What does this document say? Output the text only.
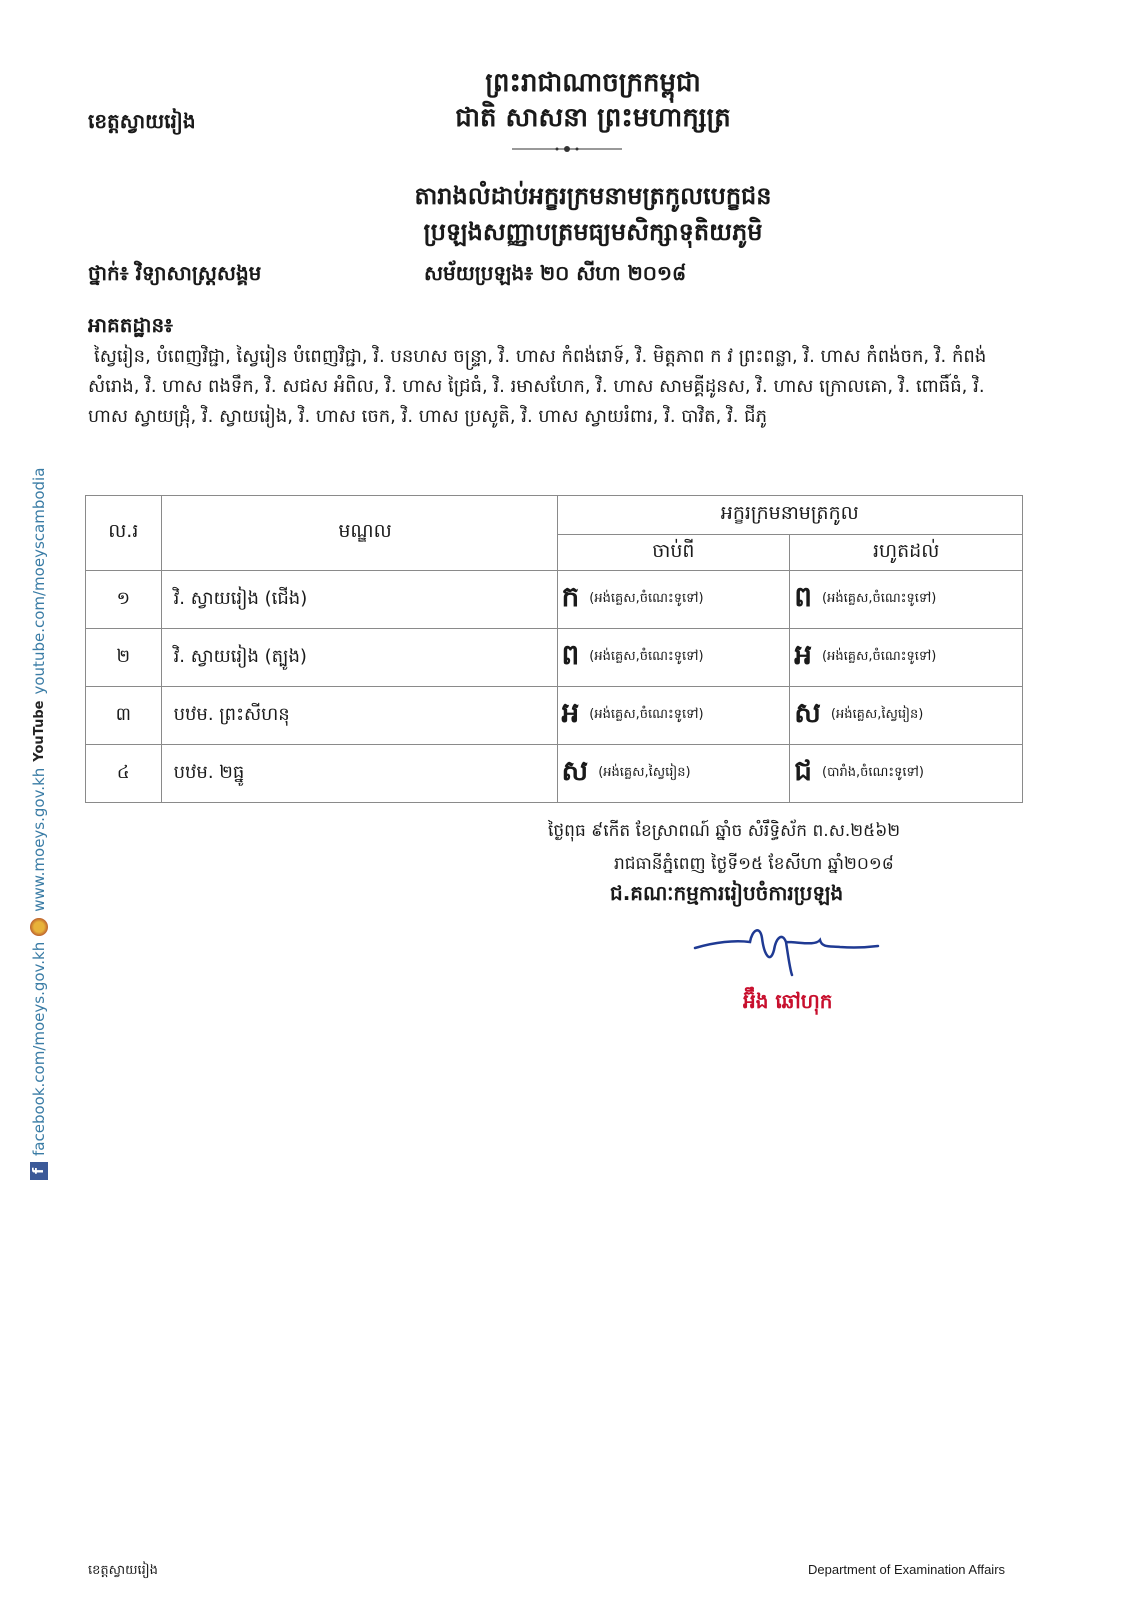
ព្រះរាជាណាចក្រកម្ពុជា
ជាតិ សាសនា ព្រះមហាក្សត្រ
ខេត្តស្វាយរៀង
តារាងលំដាប់អក្ខរក្រមនាមត្រកូលបេក្ខជន
ប្រឡងសញ្ញាបត្រមធ្យមសិក្សាទុតិយភូមិ
ថ្នាក់៖ វិទ្យាសាស្ត្រសង្គម	សម័យប្រឡង៖ ២០ សីហា ២០១៨
អាគតដ្ឋាន៖
ស្វៃរៀន, បំពេញវិជ្ជា, ស្វៃរៀន បំពេញវិជ្ជា, វិ. បនហស ចន្ទ្រា, វិ. ហាស កំពង់រោទ៍, វិ. មិត្តភាព ក វ ព្រះពន្លា, វិ. ហាស កំពង់ចក, វិ. កំពង់សំរោង, វិ. ហាស ពងទឹក, វិ. សជស អំពិល, វិ. ហាស ជ្រៃធំ, វិ. រមាសហែក, វិ. ហាស សាមគ្គីដូនស, វិ. ហាស ក្រោលគោ, វិ. ពោធិ៍ធំ, វិ. ហាស ស្វាយជ្រុំ, វិ. ស្វាយរៀង, វិ. ហាស ចេក, វិ. ហាស ប្រសូតិ, វិ. ហាស ស្វាយរំពារ, វិ. បាវិត, វិ. ជីភូ
ល.រ	មណ្ឌល	អក្ខរក្រមនាមត្រកូល	
		ចាប់ពី	រហូតដល់
១	វិ. ស្វាយរៀង (ជើង)	ក (អង់គ្លេស,ចំណេះទូទៅ)	ព (អង់គ្លេស,ចំណេះទូទៅ)
២	វិ. ស្វាយរៀង (ត្បូង)	ព (អង់គ្លេស,ចំណេះទូទៅ)	អ (អង់គ្លេស,ចំណេះទូទៅ)
៣	បឋម. ព្រះសីហនុ	អ (អង់គ្លេស,ចំណេះទូទៅ)	ស (អង់គ្លេស,ស្វៃរៀន)
៤	បឋម. ២ធ្នូ	ស (អង់គ្លេស,ស្វៃរៀន)	ជ (បារាំង,ចំណេះទូទៅ)
ថ្ងៃពុធ ៩កើត ខែស្រាពណ៍ ឆ្នាំច សំរឹទ្ធិស័ក ព.ស.២៥៦២
រាជធានីភ្នំពេញ ថ្ងៃទី១៥ ខែសីហា ឆ្នាំ២០១៨
ជ.គណៈកម្មការរៀបចំការប្រឡង
អ៊ឹង ឆៅហុក
f
facebook.com/moeys.gov.kh
www.moeys.gov.kh
YouTube
youtube.com/moeyscambodia
ខេត្តស្វាយរៀង	Department of Examination Affairs
